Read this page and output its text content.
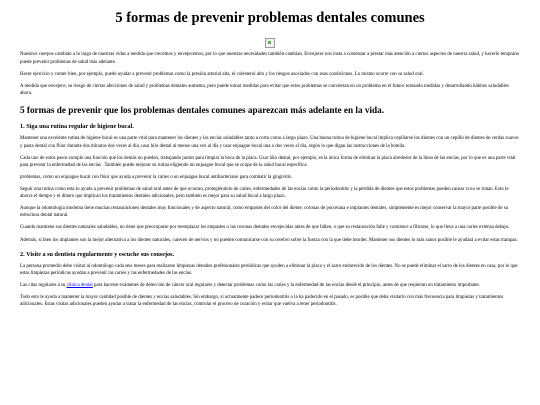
5 formas de prevenir problemas dentales comunes

Nuestros cuerpos cambian a lo largo de nuestras vidas a medida que crecemos y envejecemos, por lo que nuestras necesidades también cambian. Envejecer nos insta a comenzar a prestar más atención a ciertos aspectos de nuestra salud, y hacerlo temprano puede prevenir problemas de salud más adelante.

Hacer ejercicio y comer bien, por ejemplo, puede ayudar a prevenir problemas como la presión arterial alta, el colesterol alto y los riesgos asociados con esas condiciones. Lo mismo ocurre con su salud oral.

A medida que envejece, su riesgo de ciertas afecciones de salud y problemas dentales aumenta, pero puede tomar medidas para evitar que estos problemas se conviertan en un problema en el futuro tomando medidas y desarrollando hábitos saludables ahora.

5 formas de prevenir que los problemas dentales comunes aparezcan más adelante en la vida.
1. Siga una rutina regular de higiene bucal.

Mantener una excelente rutina de higiene bucal es una parte vital para mantener los dientes y las encías saludables tanto a corto como a largo plazo. Una buena rutina de higiene bucal implica cepillarse los dientes con un cepillo de dientes de cerdas suaves y pasta dental con flúor durante dos minutos dos veces al día, usar hilo dental al menos una vez al día y usar enjuague bucal una o dos veces al día, según lo que digan las instrucciones de la botella.

Cada uno de estos pasos cumple una función que los demás no pueden, trabajando juntos para limpiar la boca de la placa. Usar hilo dental, por ejemplo, es la única forma de eliminar la placa alrededor de la línea de las encías, por lo que es una parte vital para prevenir la enfermedad de las encías . También puede mejorar su rutina eligiendo un enjuague bucal que se ocupe de la salud bucal específica.

problemas, como un enjuague bucal con flúor que ayuda a prevenir la caries o un enjuague bucal antibacteriano para combatir la gingivitis.

Seguir una rutina como esta lo ayuda a prevenir problemas de salud oral antes de que ocurran, protegiéndolo de caries, enfermedades de las encías como la periodontitis y la pérdida de dientes que estos problemas pueden causar si no se tratan. Esto le ahorra el tiempo y el dinero que implican los tratamientos dentales adicionales, pero también es mejor para su salud bucal a largo plazo.

Aunque la odontología moderna tiene muchas restauraciones dentales muy funcionales y de aspecto natural, como empastes del color del diente, coronas de porcelana e implantes dentales, simplemente es mejor conservar la mayor parte posible de su estructura dental natural.

Cuando mantiene sus dientes naturales saludables, no tiene que preocuparse por reemplazar los empastes o las coronas dentales envejecidas antes de que fallen, o que su restauración falle y comience a filtrarse, lo que lleva a una caries extensa debajo.

Además, si bien los implantes son la mejor alternativa a los dientes naturales, carecen de nervios y no pueden comunicarse con su cerebro sobre la fuerza con la que debe morder. Mantener sus dientes lo más sanos posible le ayudará a evitar estas trampas.

2. Visite a su dentista regularmente y escuche sus consejos.

La persona promedio debe visitar al odontólogo cada seis meses para realizarse limpiezas dentales profesionales periódicas que ayuden a eliminar la placa y el sarro endurecido de los dientes. No se puede eliminar el sarro de los dientes en casa, por lo que estas limpiezas periódicas ayudan a prevenir las caries y las enfermedades de las encías.

Las citas regulares a su clínica dental para hacerse exámenes de detección de cáncer oral regulares y detectar problemas como las caries y la enfermedad de las encías desde el principio, antes de que requieran un tratamiento importante.

Todo esto le ayuda a mantener la mayor cantidad posible de dientes y encías saludables. Sin embargo, si actualmente padece periodontitis o la ha padecido en el pasado, es posible que deba visitarlo con más frecuencia para limpiezas y tratamientos adicionales. Estas visitas adicionales pueden ayudar a tratar la enfermedad de las encías, controlar el proceso de curación y evitar que vuelva a tener periodontitis.
